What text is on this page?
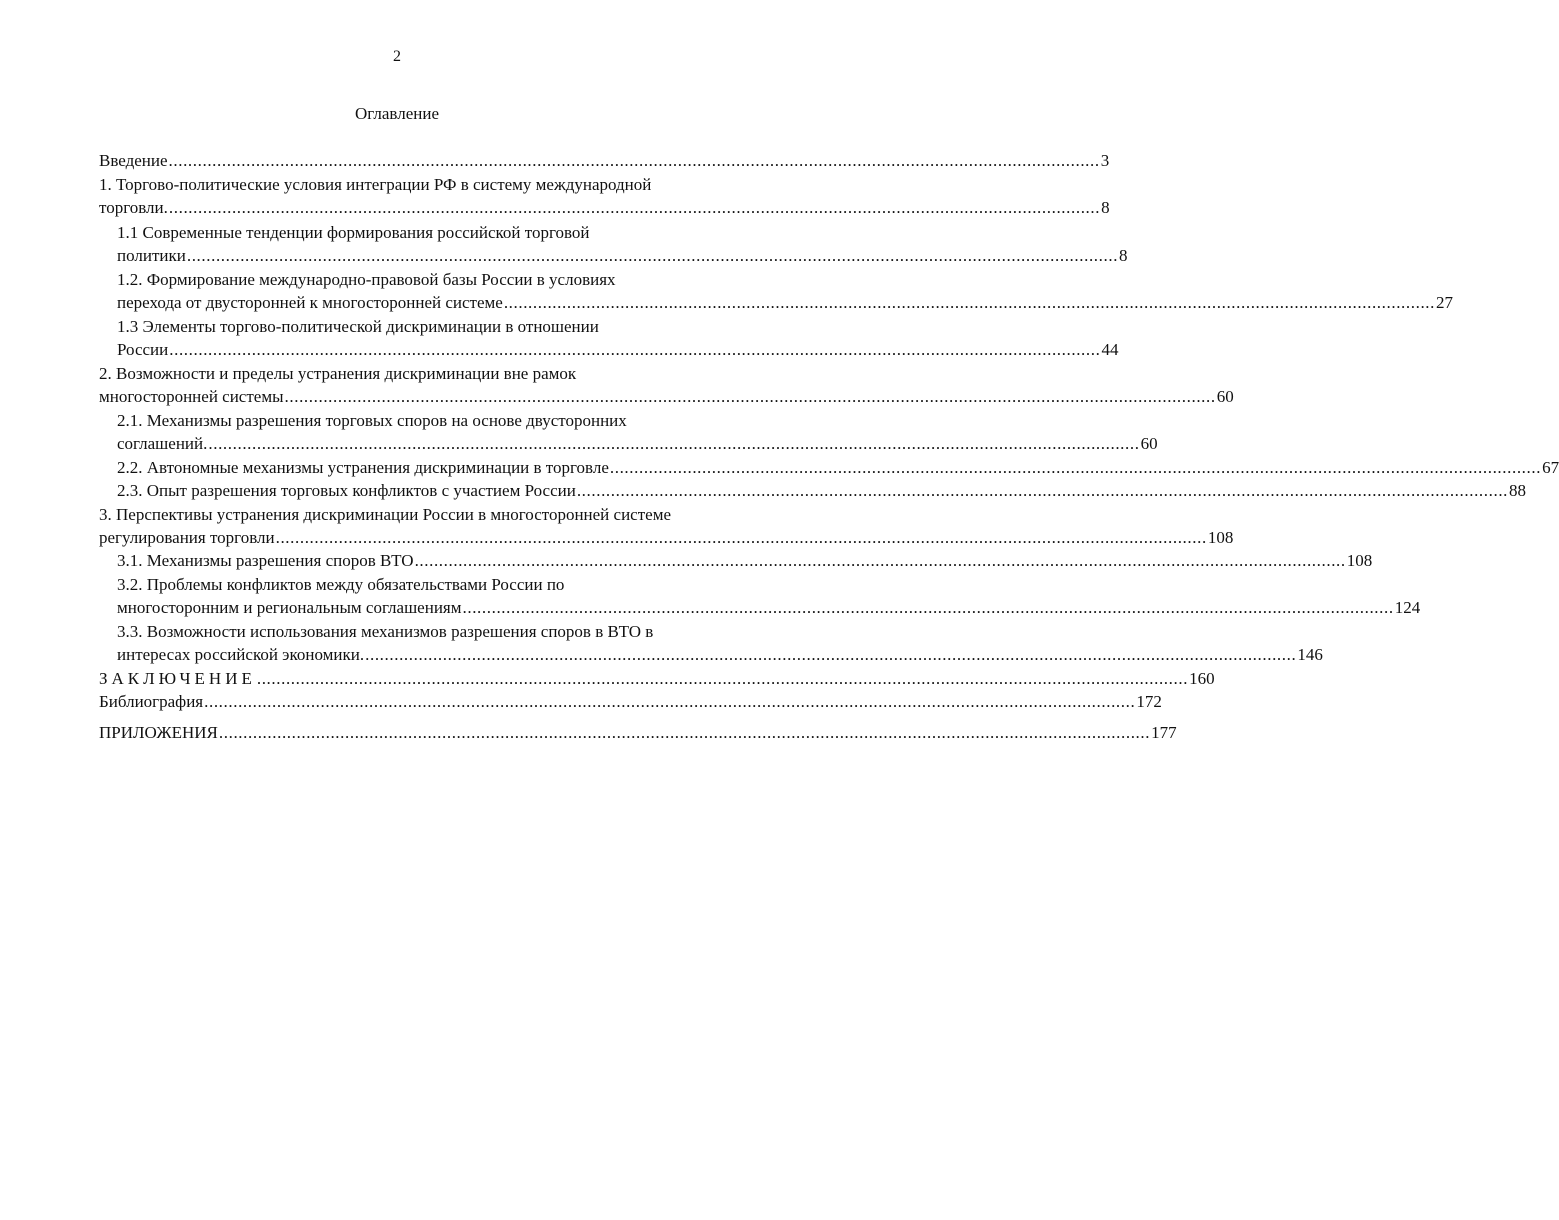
2
Оглавление
Введение ................................................................................................................................................................................................ 3
1. Торгово-политические условия интеграции РФ в систему международной
торговли. ................................................................................................................................................................................................ 8
1.1 Современные тенденции формирования российской торговой
политики ................................................................................................................................................................................................ 8
1.2. Формирование международно-правовой базы России в условиях
перехода от двусторонней к многосторонней системе ................................................................................................................................................................................................ 27
1.3 Элементы торгово-политической дискриминации в отношении
России ................................................................................................................................................................................................ 44
2. Возможности и пределы устранения дискриминации вне рамок
многосторонней системы ................................................................................................................................................................................................ 60
2.1. Механизмы разрешения торговых споров на основе двусторонних
соглашений. ................................................................................................................................................................................................ 60
2.2. Автономные механизмы устранения дискриминации в торговле ................................................................................................................................................................................................ 67
2.3. Опыт разрешения торговых конфликтов с участием России ................................................................................................................................................................................................ 88
3. Перспективы устранения дискриминации России в многосторонней системе
регулирования торговли ................................................................................................................................................................................................ 108
3.1. Механизмы разрешения споров ВТО ................................................................................................................................................................................................ 108
3.2. Проблемы конфликтов между обязательствами России по
многосторонним и региональным соглашениям ................................................................................................................................................................................................ 124
3.3. Возможности использования механизмов разрешения споров в ВТО в
интересах российской экономики. ................................................................................................................................................................................................ 146
ЗАКЛЮЧЕНИЕ ................................................................................................................................................................................................ 160
Библиография ................................................................................................................................................................................................ 172
ПРИЛОЖЕНИЯ ................................................................................................................................................................................................ 177
